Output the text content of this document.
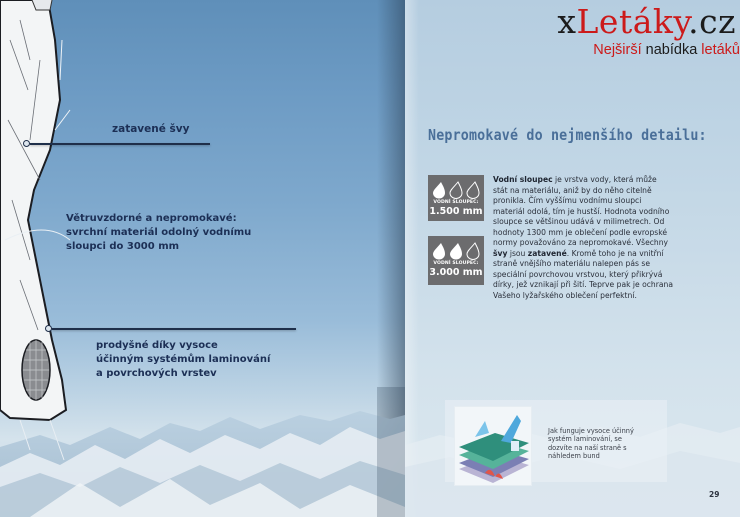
zatavené švy
Větruvzdorné a nepromokavé:
svrchní materiál odolný vodnímu
sloupci do 3000 mm
prodyšné díky vysoce
účinným systémům laminování
a povrchových vrstev
Nepromokavé do nejmenšího detailu:
VODNÍ SLOUPEC:
1.500 mm
VODNÍ SLOUPEC:
3.000 mm
Vodní sloupec je vrstva vody, která může stát na materiálu, aniž by do něho citelně pronikla. Čím vyššímu vodnímu sloupci materiál odolá, tím je hustší. Hodnota vodního sloupce se většinou udává v milimetrech. Od hodnoty 1300 mm je oblečení podle evropské normy považováno za nepromokavé. Všechny švy jsou zatavené. Kromě toho je na vnitřní straně vnějšího materiálu nalepen pás se speciální povrchovou vrstvou, který přikrývá dírky, jež vznikají při šití. Teprve pak je ochrana Vašeho lyžařského oblečení perfektní.
Jak funguje vysoce účinný systém laminování, se dozvíte na naší straně s náhledem bund
29
xLetáky.cz
Nejširší nabídka letáků
